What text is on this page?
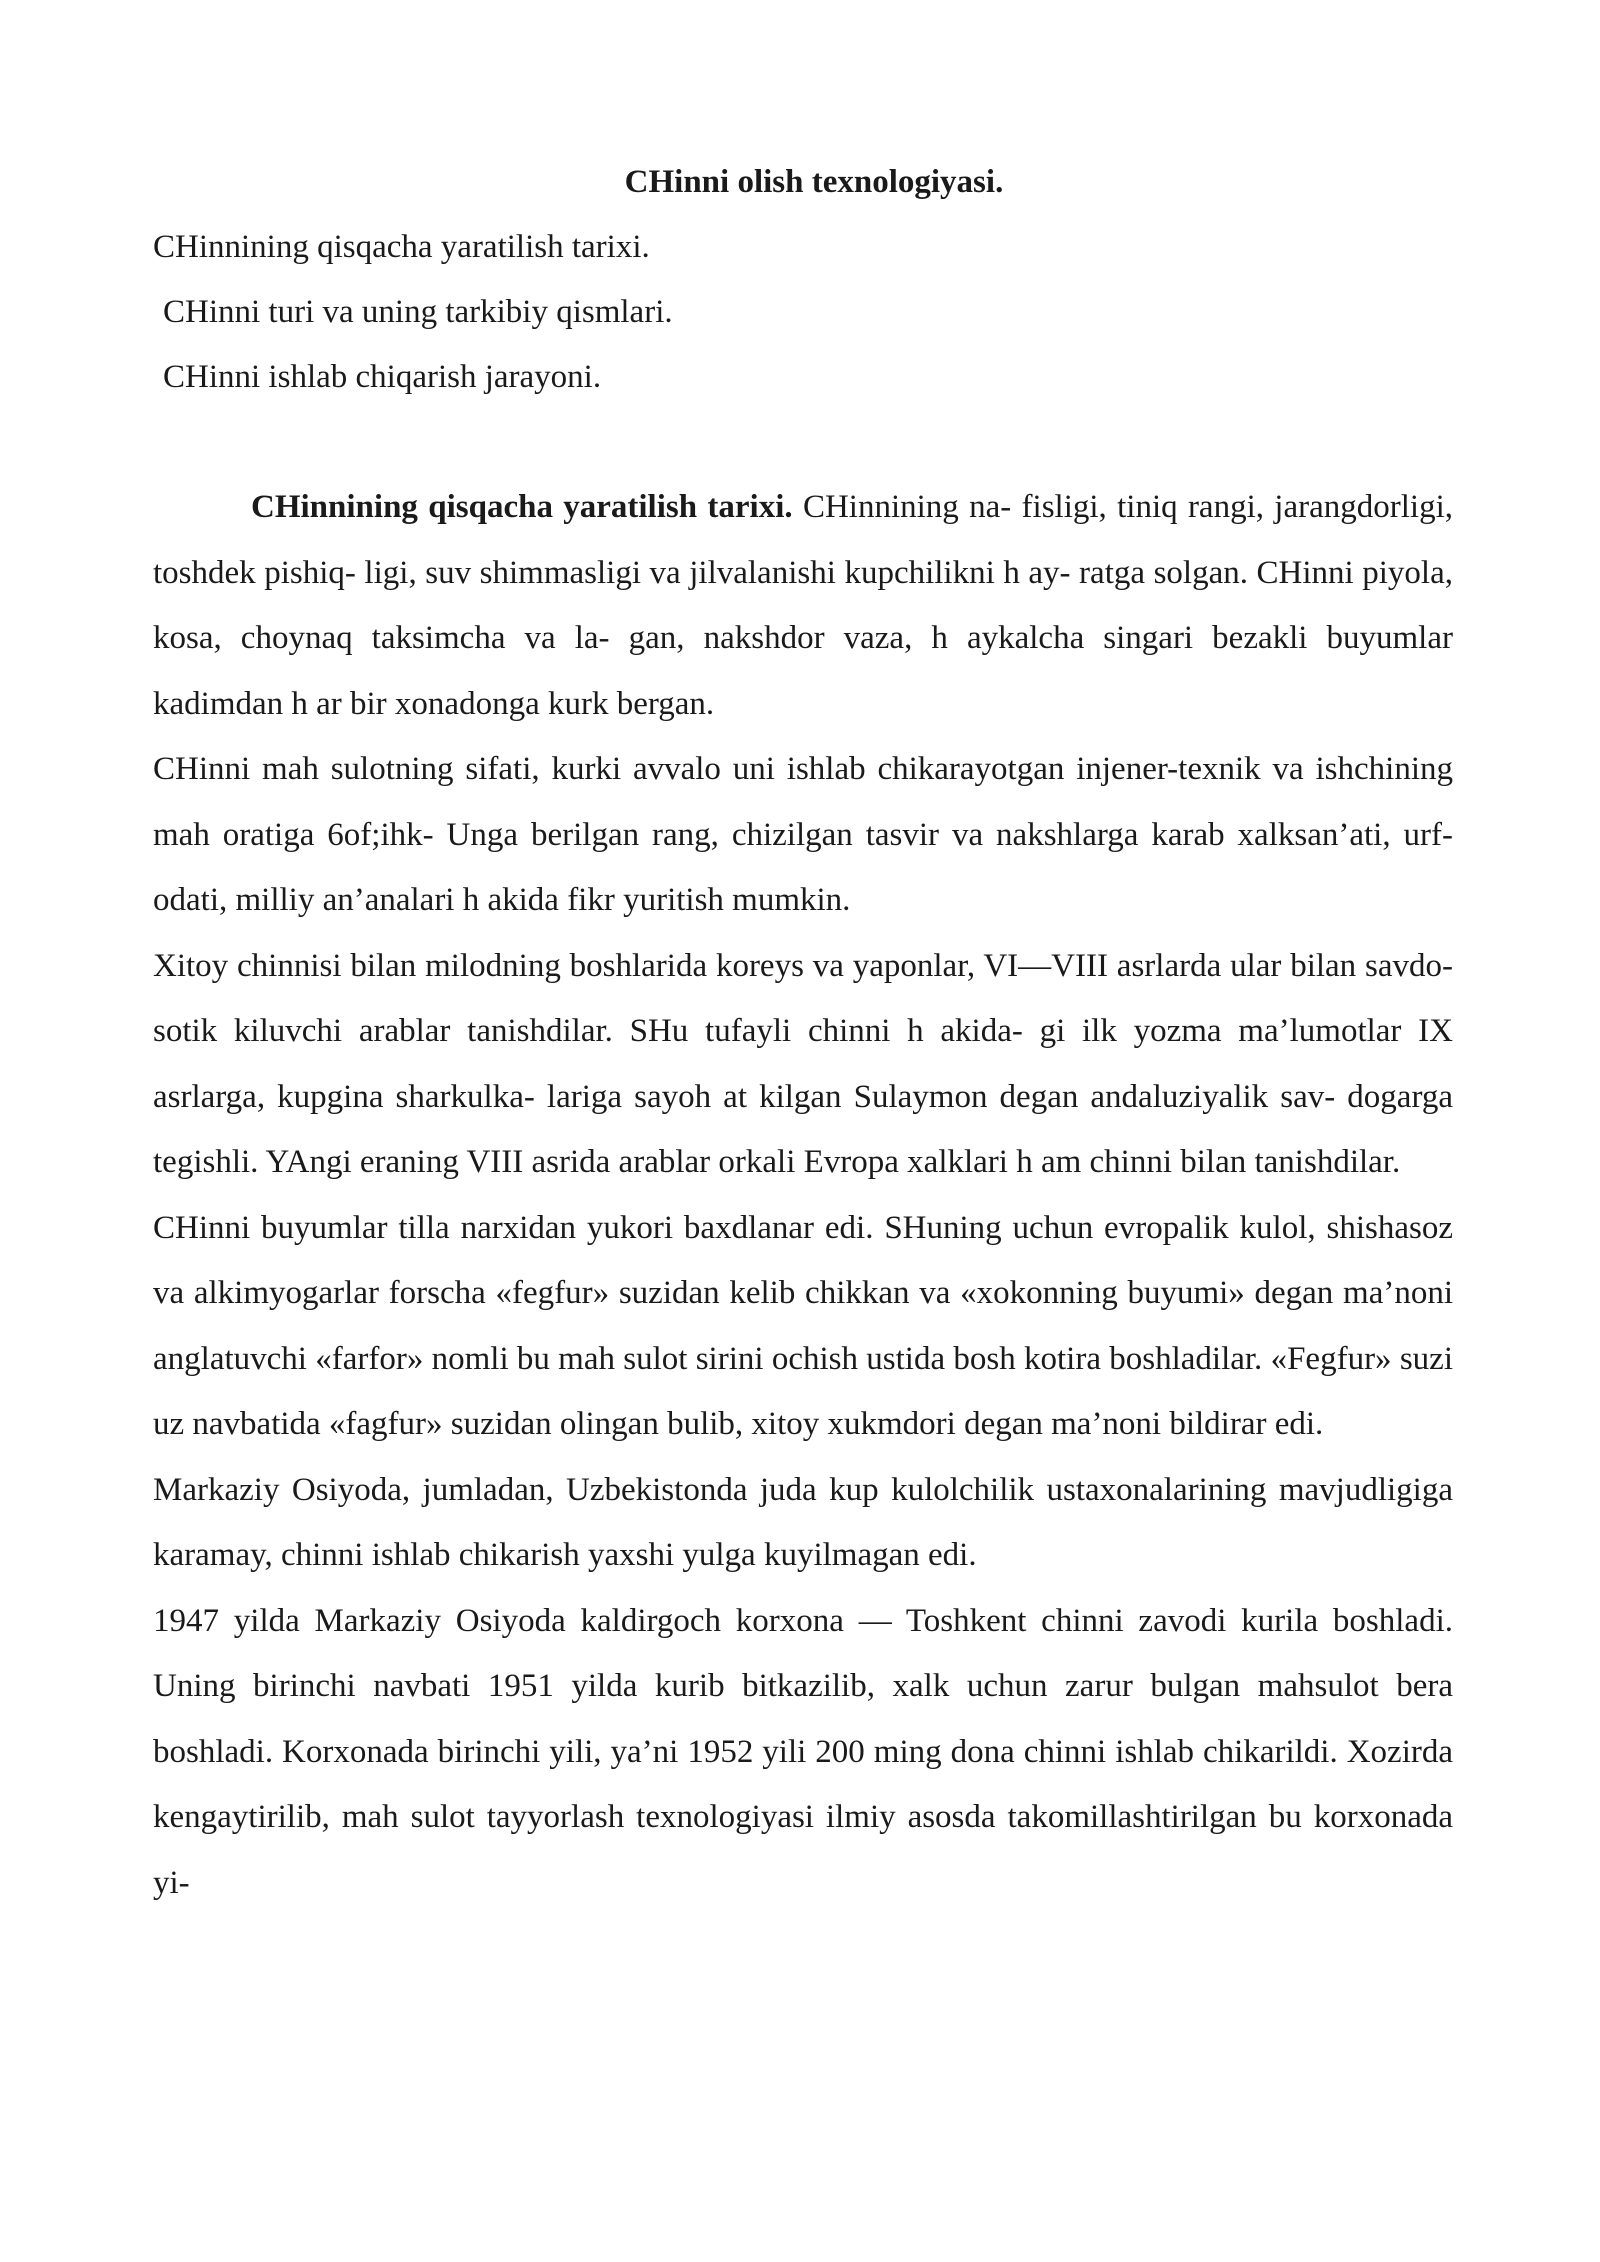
CHinni olish texnologiyasi.
CHinnining qisqacha yaratilish tarixi.
CHinni turi va uning tarkibiy qismlari.
CHinni ishlab chiqarish jarayoni.

CHinnining qisqacha yaratilish tarixi. CHinnining na- fisligi, tiniq rangi, jarangdorligi, toshdek pishiq- ligi, suv shimmasligi va jilvalanishi kupchilikni h ay- ratga solgan. CHinni piyola, kosa, choynaq taksimcha va la- gan, nakshdor vaza, h aykalcha singari bezakli buyumlar kadimdan h ar bir xonadonga kurk bergan.

CHinni mah sulotning sifati, kurki avvalo uni ishlab chikarayotgan injener-texnik va ishchining mah oratiga 6of;ihk- Unga berilgan rang, chizilgan tasvir va nakshlarga karab xalksan’ati, urf-odati, milliy an’analari h akida fikr yuritish mumkin.

Xitoy chinnisi bilan milodning boshlarida koreys va yaponlar, VI—VIII asrlarda ular bilan savdo-sotik kiluvchi arablar tanishdilar. SHu tufayli chinni h akida- gi ilk yozma ma’lumotlar IX asrlarga, kupgina sharkulka- lariga sayoh at kilgan Sulaymon degan andaluziyalik sav- dogarga tegishli. YAngi eraning VIII asrida arablar orkali Evropa xalklari h am chinni bilan tanishdilar.

CHinni buyumlar tilla narxidan yukori baxdlanar edi. SHuning uchun evropalik kulol, shishasoz va alkimyogarlar forscha «fegfur» suzidan kelib chikkan va «xokonning buyumi» degan ma’noni anglatuvchi «farfor» nomli bu mah sulot sirini ochish ustida bosh kotira boshladilar. «Fegfur» suzi uz navbatida «fagfur» suzidan olingan bulib, xitoy xukmdori degan ma’noni bildirar edi.

Markaziy Osiyoda, jumladan, Uzbekistonda juda kup kulolchilik ustaxonalarining mavjudligiga karamay, chinni ishlab chikarish yaxshi yulga kuyilmagan edi.

1947 yilda Markaziy Osiyoda kaldirgoch korxona — Toshkent chinni zavodi kurila boshladi. Uning birinchi navbati 1951 yilda kurib bitkazilib, xalk uchun zarur bulgan mahsulot bera boshladi. Korxonada birinchi yili, ya’ni 1952 yili 200 ming dona chinni ishlab chikarildi. Xozirda kengaytirilib, mah sulot tayyorlash texnologiyasi ilmiy asosda takomillashtirilgan bu korxonada yi-
